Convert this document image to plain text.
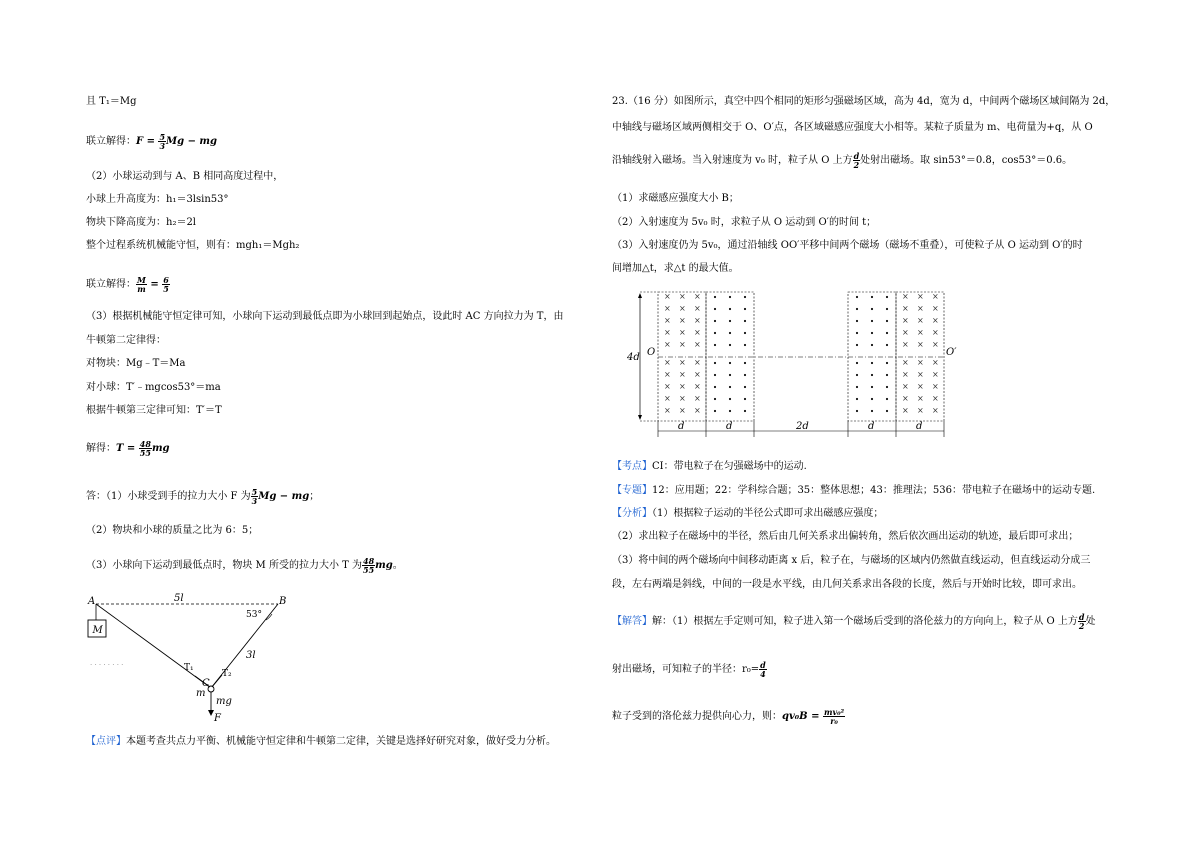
且 T₁＝Mg
联立解得：$F = \frac{5}{3}$ Mg − mg
（2）小球运动到与 A、B 相同高度过程中，
小球上升高度为：h₁＝3lsin53°
物块下降高度为：h₂＝2l
整个过程系统机械能守恒，则有：mgh₁＝Mgh₂
联立解得： $\frac{M}{m} = \frac{6}{5}$
（3）根据机械能守恒定律可知，小球向下运动到最低点即为小球回到起始点，设此时 AC 方向拉力为 T，由
牛顿第二定律得：
对物块：Mg﹣T＝Ma
对小球：T′﹣mgcos53°＝ma
根据牛顿第三定律可知：T′＝T
解得：$T = \frac{48}{55}$ mg
答：（1）小球受到手的拉力大小 F 为 $\frac{5}{3}$ Mg − mg；
（2）物块和小球的质量之比为 6：5；
（3）小球向下运动到最低点时，物块 M 所受的拉力大小 T 为 $\frac{48}{55}$ mg。
M
. . . . . . . .
A	B
5l
53°
3l
T₁
T₂
C
m
mg
F
【点评】本题考查共点力平衡、机械能守恒定律和牛顿第二定律，关键是选择好研究对象，做好受力分析。
23.（16 分）如图所示，真空中四个相同的矩形匀强磁场区域，高为 4d，宽为 d，中间两个磁场区域间隔为 2d，
中轴线与磁场区域两侧相交于 O、O′点，各区域磁感应强度大小相等。某粒子质量为 m、电荷量为+q，从 O
沿轴线射入磁场。当入射速度为 v₀ 时，粒子从 O 上方 $\frac{d}{2}$ 处射出磁场。取 sin53°＝0.8，cos53°＝0.6。
（1）求磁感应强度大小 B；
（2）入射速度为 5v₀ 时，求粒子从 O 运动到 O′的时间 t；
（3）入射速度仍为 5v₀，通过沿轴线 OO′平移中间两个磁场（磁场不重叠），可使粒子从 O 运动到 O′的时
间增加△t，求△t 的最大值。
× × ×
× × ×
× × ×
× × ×
× × ×
× × ×
× × ×
× × ×
× × ×
× × ×
× × ×
× × ×
× × ×
× × ×
× × ×
× × ×
× × ×
× × ×
× × ×
× × ×
4d O	O′
d	d	2d	d	d
【考点】CI：带电粒子在匀强磁场中的运动.
【专题】12：应用题；22：学科综合题；35：整体思想；43：推理法；536：带电粒子在磁场中的运动专题.
【分析】（1）根据粒子运动的半径公式即可求出磁感应强度；
（2）求出粒子在磁场中的半径，然后由几何关系求出偏转角，然后依次画出运动的轨迹，最后即可求出；
（3）将中间的两个磁场向中间移动距离 x 后，粒子在，与磁场的区域内仍然做直线运动，但直线运动分成三
段，左右两端是斜线，中间的一段是水平线，由几何关系求出各段的长度，然后与开始时比较，即可求出。
【解答】解：（1）根据左手定则可知，粒子进入第一个磁场后受到的洛伦兹力的方向向上，粒子从 O 上方 $\frac{d}{2}$ 处
射出磁场，可知粒子的半径：$r_0= \frac{d}{4}$
粒子受到的洛伦兹力提供向心力，则：$qv_0B = \frac{\text{mv₀²}}{\text{r₀}}$
